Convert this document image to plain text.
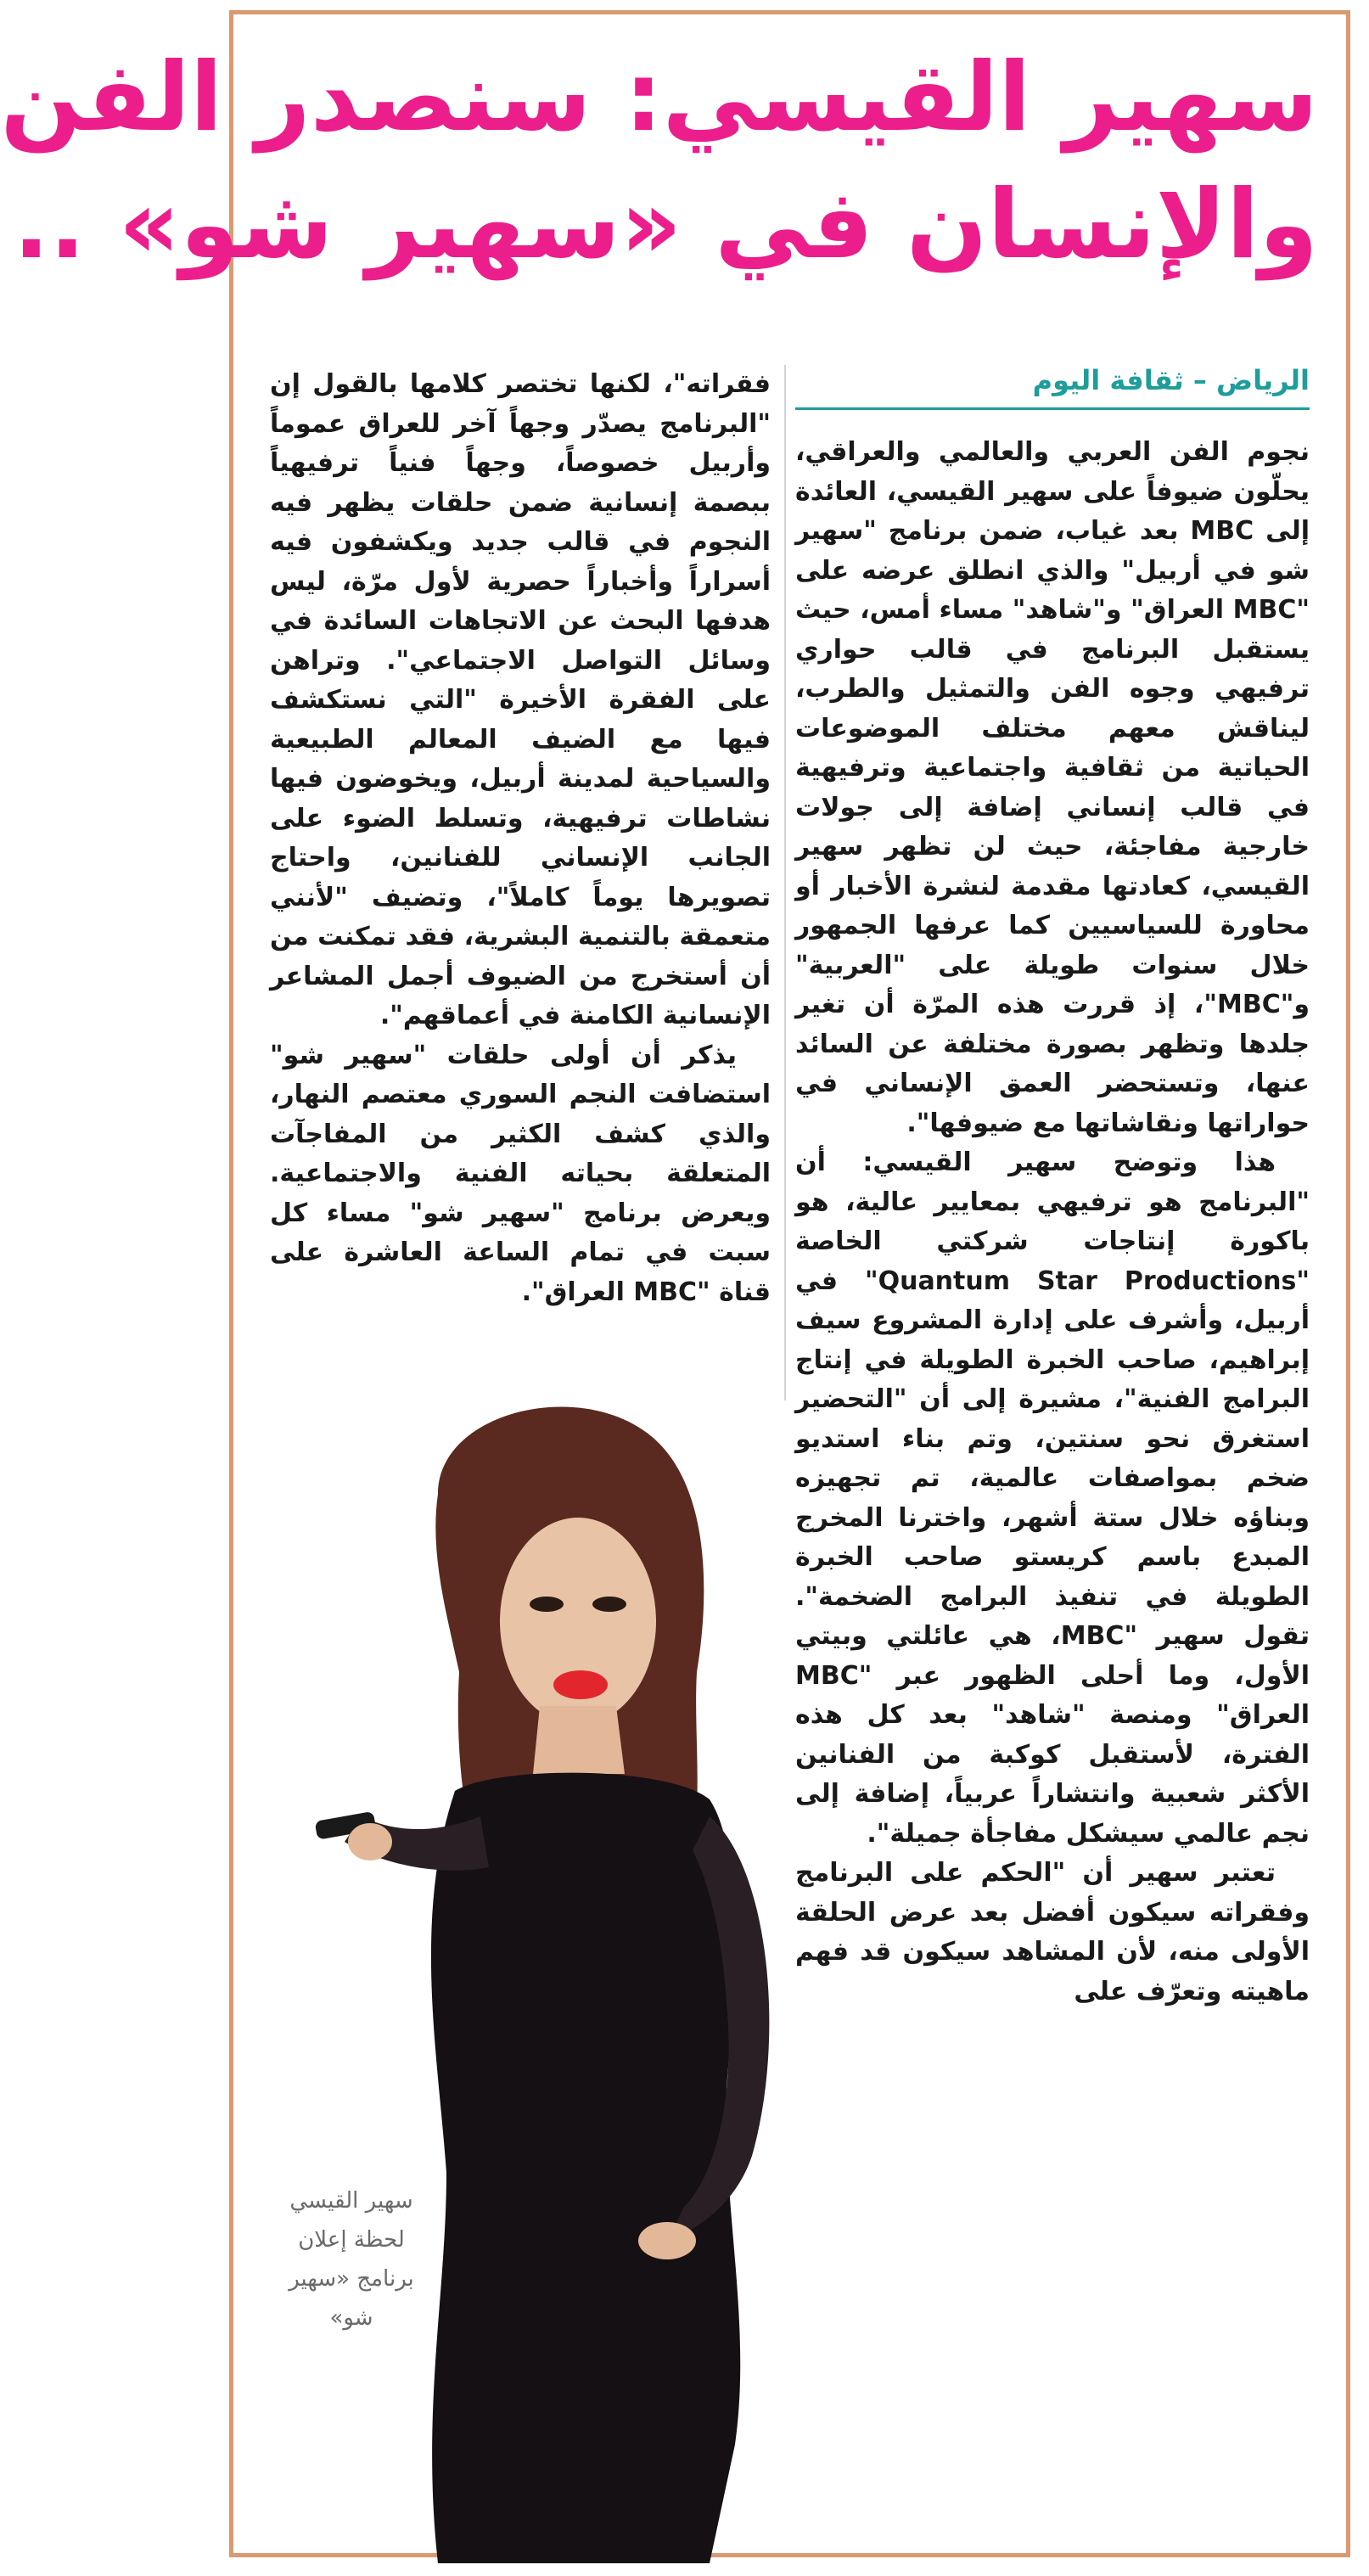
سهير القيسي: سنصدر الفن
والإنسان في «سهير شو» ..
الرياض – ثقافة اليوم

نجوم الفن العربي والعالمي والعراقي، يحلّون ضيوفاً على سهير القيسي، العائدة إلى MBC بعد غياب، ضمن برنامج "سهير شو في أربيل" والذي انطلق عرضه على "MBC العراق" و"شاهد" مساء أمس، حيث يستقبل البرنامج في قالب حواري ترفيهي وجوه الفن والتمثيل والطرب، ليناقش معهم مختلف الموضوعات الحياتية من ثقافية واجتماعية وترفيهية في قالب إنساني إضافة إلى جولات خارجية مفاجئة، حيث لن تظهر سهير القيسي، كعادتها مقدمة لنشرة الأخبار أو محاورة للسياسيين كما عرفها الجمهور خلال سنوات طويلة على "العربية" و"MBC"، إذ قررت هذه المرّة أن تغير جلدها وتظهر بصورة مختلفة عن السائد عنها، وتستحضر العمق الإنساني في حواراتها ونقاشاتها مع ضيوفها".

هذا وتوضح سهير القيسي: أن "البرنامج هو ترفيهي بمعايير عالية، هو باكورة إنتاجات شركتي الخاصة "Quantum Star Productions" في أربيل، وأشرف على إدارة المشروع سيف إبراهيم، صاحب الخبرة الطويلة في إنتاج البرامج الفنية"، مشيرة إلى أن "التحضير استغرق نحو سنتين، وتم بناء استديو ضخم بمواصفات عالمية، تم تجهيزه وبناؤه خلال ستة أشهر، واخترنا المخرج المبدع باسم كريستو صاحب الخبرة الطويلة في تنفيذ البرامج الضخمة". تقول سهير "MBC، هي عائلتي وبيتي الأول، وما أحلى الظهور عبر "MBC العراق" ومنصة "شاهد" بعد كل هذه الفترة، لأستقبل كوكبة من الفنانين الأكثر شعبية وانتشاراً عربياً، إضافة إلى نجم عالمي سيشكل مفاجأة جميلة".

تعتبر سهير أن "الحكم على البرنامج وفقراته سيكون أفضل بعد عرض الحلقة الأولى منه، لأن المشاهد سيكون قد فهم ماهيته وتعرّف على

فقراته"، لكنها تختصر كلامها بالقول إن "البرنامج يصدّر وجهاً آخر للعراق عموماً وأربيل خصوصاً، وجهاً فنياً ترفيهياً ببصمة إنسانية ضمن حلقات يظهر فيه النجوم في قالب جديد ويكشفون فيه أسراراً وأخباراً حصرية لأول مرّة، ليس هدفها البحث عن الاتجاهات السائدة في وسائل التواصل الاجتماعي". وتراهن على الفقرة الأخيرة "التي نستكشف فيها مع الضيف المعالم الطبيعية والسياحية لمدينة أربيل، ويخوضون فيها نشاطات ترفيهية، وتسلط الضوء على الجانب الإنساني للفنانين، واحتاج تصويرها يوماً كاملاً"، وتضيف "لأنني متعمقة بالتنمية البشرية، فقد تمكنت من أن أستخرج من الضيوف أجمل المشاعر الإنسانية الكامنة في أعماقهم".

يذكر أن أولى حلقات "سهير شو" استضافت النجم السوري معتصم النهار، والذي كشف الكثير من المفاجآت المتعلقة بحياته الفنية والاجتماعية. ويعرض برنامج "سهير شو" مساء كل سبت في تمام الساعة العاشرة على قناة "MBC العراق".

سهير القيسي لحظة إعلان برنامج «سهير شو»
